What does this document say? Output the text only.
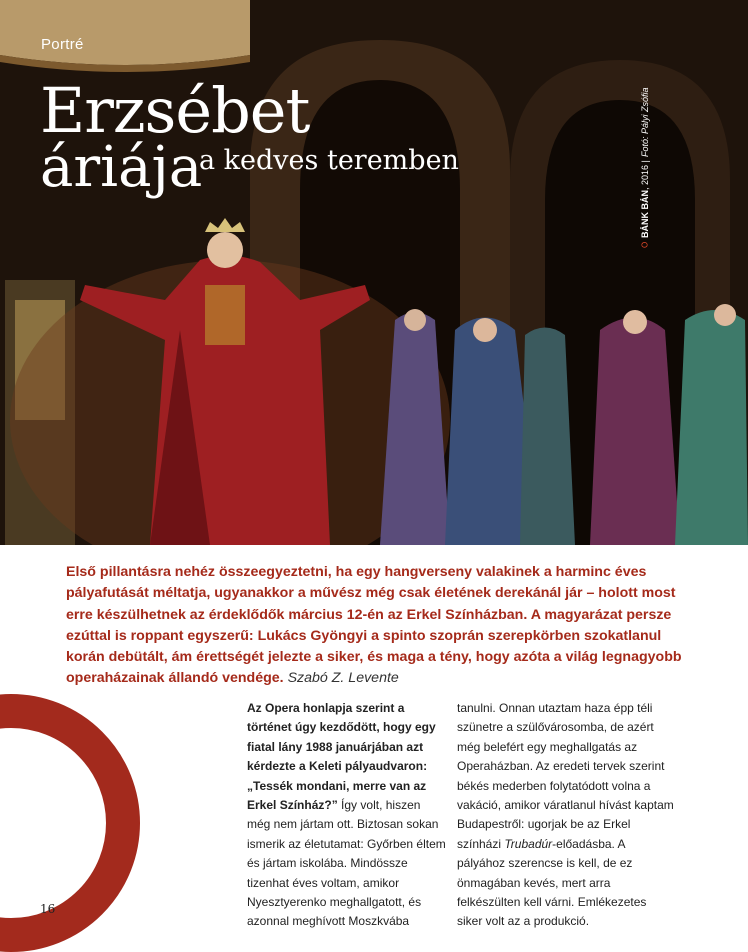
Portré
Erzsébet
áriája
a kedves teremben
O
BÁNK BÁN
, 2016 |
Fotó: Pályi Zsófia
Első pillantásra nehéz összeegyeztetni, ha egy hangverseny valakinek a harminc éves pályafutását méltatja, ugyanakkor a művész még csak életének derekánál jár – holott most erre készülhetnek az érdeklődők március 12-én az Erkel Színházban. A magyarázat persze ezúttal is roppant egyszerű: Lukács Gyöngyi a spinto szoprán szerepkörben szokatlanul korán debütált, ám érettségét jelezte a siker, és maga a tény, hogy azóta a világ legnagyobb operaházainak állandó vendége. Szabó Z. Levente
16

Az Opera honlapja szerint a történet úgy kezdődött, hogy egy fiatal lány 1988 januárjában azt kérdezte a Keleti pályaudvaron: „Tessék mondani, merre van az Erkel Színház?” Így volt, hiszen még nem jártam ott. Biztosan sokan ismerik az életutamat: Győrben éltem és jártam iskolába. Mindössze tizenhat éves voltam, amikor Nyesztyerenko meghallgatott, és azonnal meghívott Moszkvába

tanulni. Onnan utaztam haza épp téli szünetre a szülővárosomba, de azért még belefért egy meghallgatás az Operaházban. Az eredeti tervek szerint békés mederben folytatódott volna a vakáció, amikor váratlanul hívást kaptam Budapestről: ugorjak be az Erkel színházi Trubadúr-előadásba. A pályához szerencse is kell, de ez önmagában kevés, mert arra felkészülten kell várni. Emlékezetes siker volt az a produkció.
